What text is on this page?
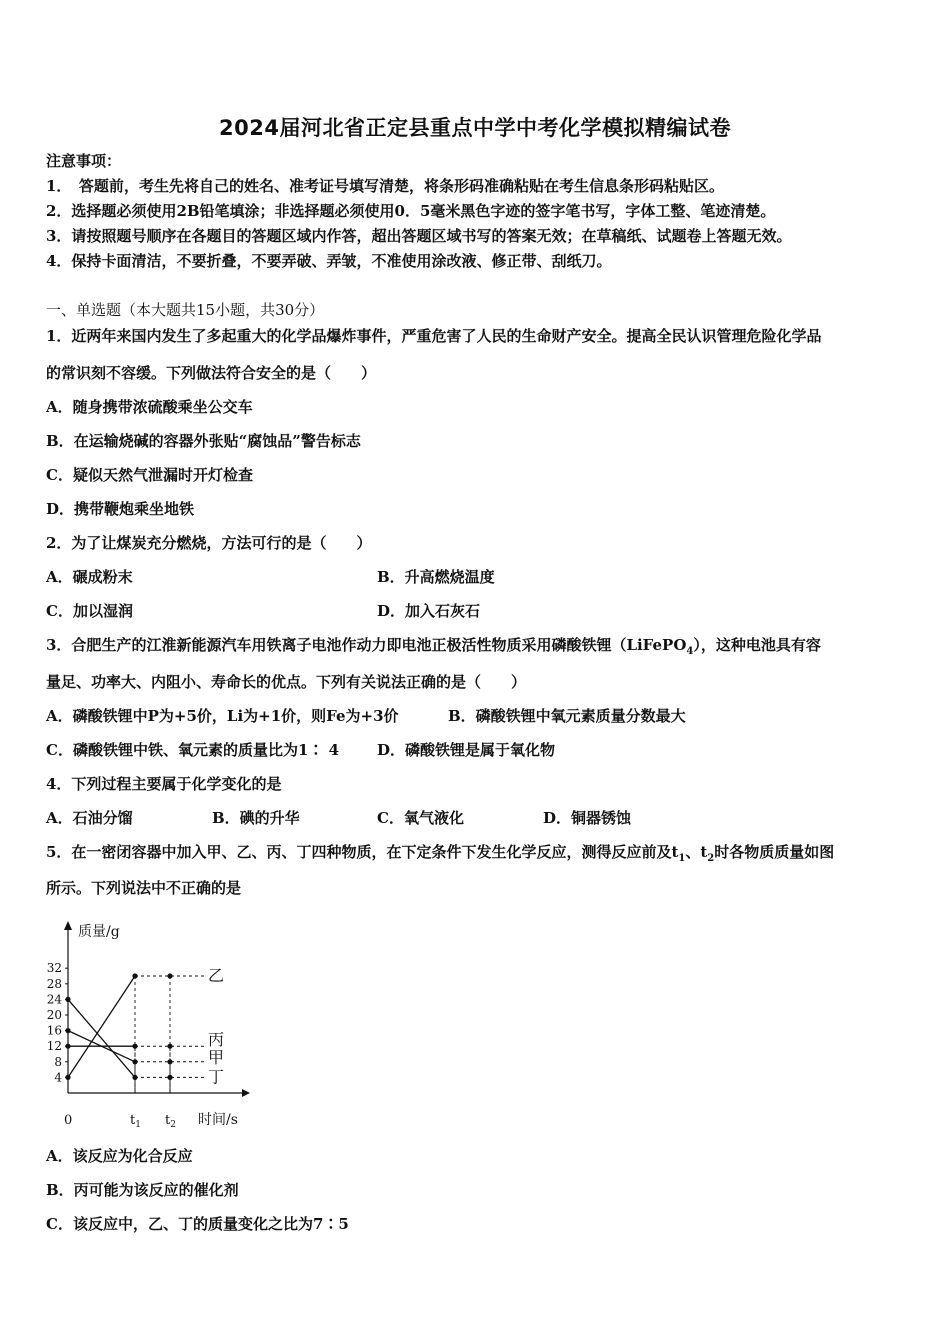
2024届河北省正定县重点中学中考化学模拟精编试卷
注意事项：
1．　答题前，考生先将自己的姓名、准考证号填写清楚，将条形码准确粘贴在考生信息条形码粘贴区。
2．选择题必须使用2B铅笔填涂；非选择题必须使用0．5毫米黑色字迹的签字笔书写，字体工整、笔迹清楚。
3．请按照题号顺序在各题目的答题区域内作答，超出答题区域书写的答案无效；在草稿纸、试题卷上答题无效。
4．保持卡面清洁，不要折叠，不要弄破、弄皱，不准使用涂改液、修正带、刮纸刀。
一、单选题（本大题共15小题，共30分）
1．近两年来国内发生了多起重大的化学品爆炸事件，严重危害了人民的生命财产安全。提高全民认识管理危险化学品
的常识刻不容缓。下列做法符合安全的是（　　）
A．随身携带浓硫酸乘坐公交车
B．在运输烧碱的容器外张贴“腐蚀品”警告标志
C．疑似天然气泄漏时开灯检查
D．携带鞭炮乘坐地铁
2．为了让煤炭充分燃烧，方法可行的是（　　）
A．碾成粉末	B．升高燃烧温度
C．加以湿润	D．加入石灰石
3．合肥生产的江淮新能源汽车用铁离子电池作动力即电池正极活性物质采用磷酸铁锂（LiFePO$_4$），这种电池具有容
量足、功率大、内阻小、寿命长的优点。下列有关说法正确的是（　　）
A．磷酸铁锂中P为+5价，Li为+1价，则Fe为+3价	B．磷酸铁锂中氧元素质量分数最大
C．磷酸铁锂中铁、氧元素的质量比为1∶ 4	D．磷酸铁锂是属于氧化物
4．下列过程主要属于化学变化的是
A．石油分馏	B．碘的升华	C．氧气液化	D．铜器锈蚀
5．在一密闭容器中加入甲、乙、丙、丁四种物质，在下定条件下发生化学反应，测得反应前及$t_1$、$t_2$时各物质质量如图
所示。下列说法中不正确的是
质量/g
时间/s
0
4
8
12
16
20
24
28
32
$t_1$ $t_2$
乙
丙
甲
丁
A．该反应为化合反应
B．丙可能为该反应的催化剂
C．该反应中，乙、丁的质量变化之比为7∶5
